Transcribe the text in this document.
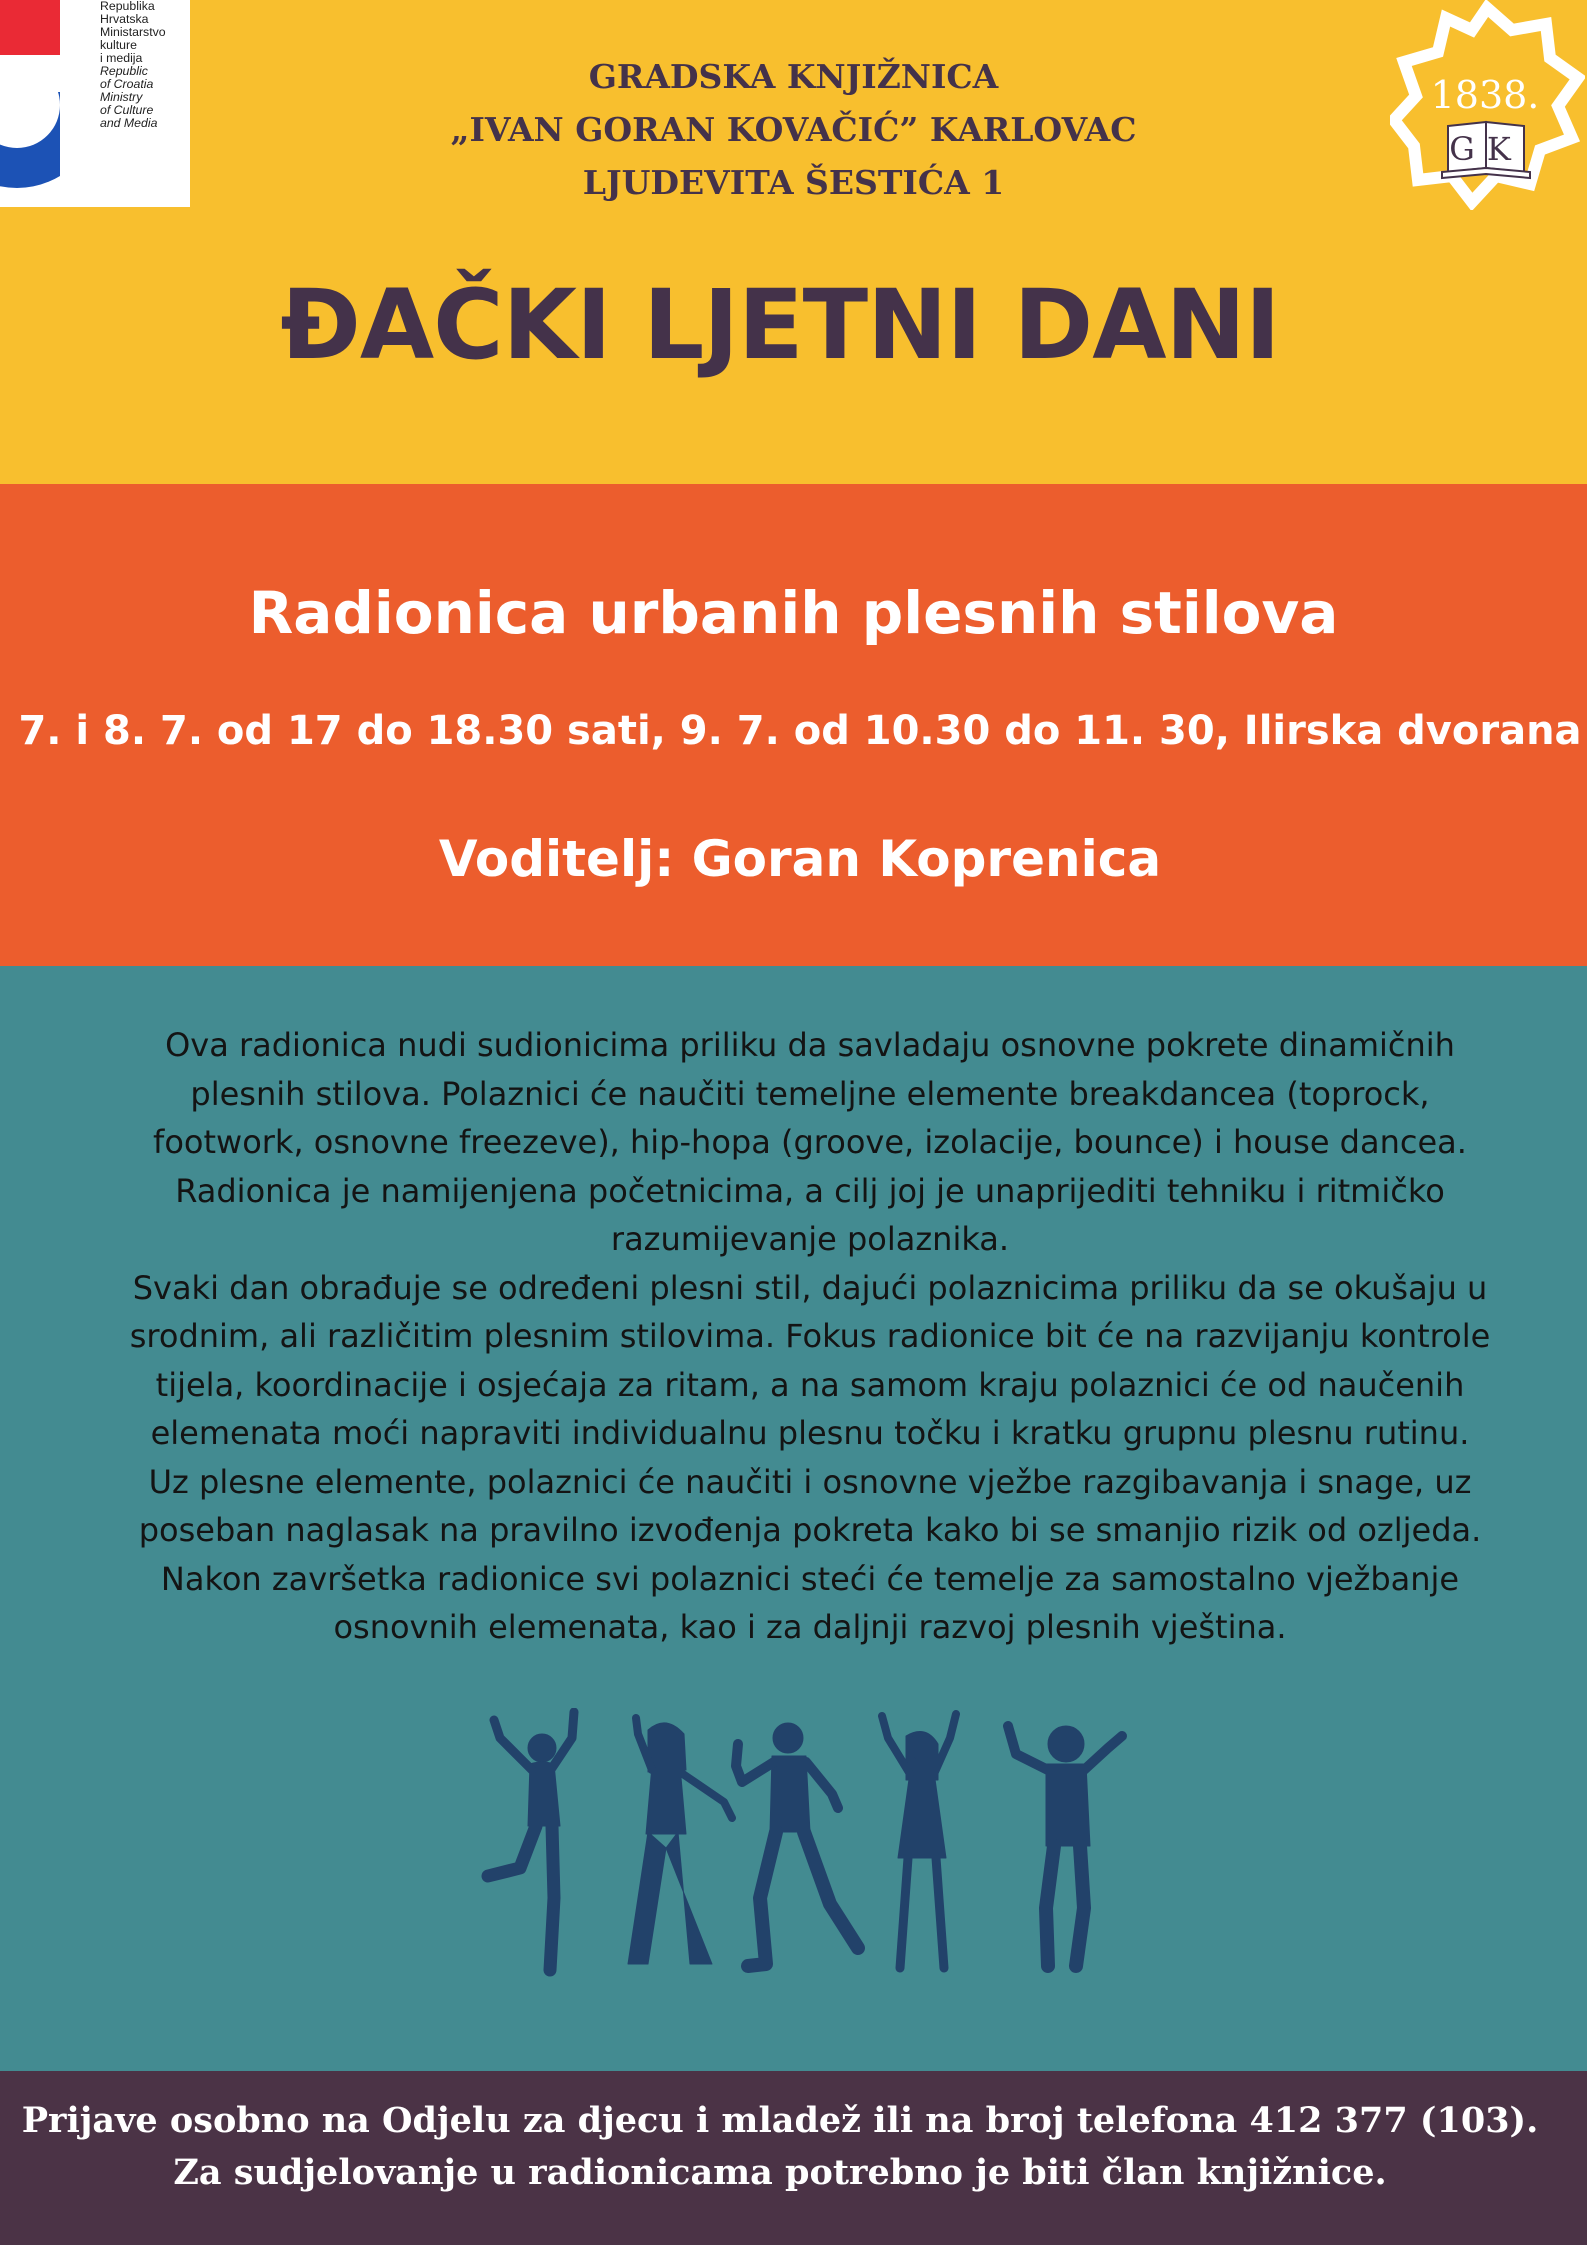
Republika
Hrvatska
Ministarstvo
kulture
i medija
Republic
of Croatia
Ministry
of Culture
and Media
GRADSKA KNJIŽNICA
„IVAN GORAN KOVAČIĆ” KARLOVAC
LJUDEVITA ŠESTIĆA 1
1838.
GK
ĐAČKI LJETNI DANI
Radionica urbanih plesnih stilova
7. i 8. 7. od 17 do 18.30 sati, 9. 7. od 10.30 do 11. 30, Ilirska dvorana
Voditelj: Goran Koprenica
Ova radionica nudi sudionicima priliku da savladaju osnovne pokrete dinamičnih
plesnih stilova. Polaznici će naučiti temeljne elemente breakdancea (toprock,
footwork, osnovne freezeve), hip-hopa (groove, izolacije, bounce) i house dancea.
Radionica je namijenjena početnicima, a cilj joj je unaprijediti tehniku i ritmičko
razumijevanje polaznika.
Svaki dan obrađuje se određeni plesni stil, dajući polaznicima priliku da se okušaju u
srodnim, ali različitim plesnim stilovima. Fokus radionice bit će na razvijanju kontrole
tijela, koordinacije i osjećaja za ritam, a na samom kraju polaznici će od naučenih
elemenata moći napraviti individualnu plesnu točku i kratku grupnu plesnu rutinu.
Uz plesne elemente, polaznici će naučiti i osnovne vježbe razgibavanja i snage, uz
poseban naglasak na pravilno izvođenja pokreta kako bi se smanjio rizik od ozljeda.
Nakon završetka radionice svi polaznici steći će temelje za samostalno vježbanje
osnovnih elemenata, kao i za daljnji razvoj plesnih vještina.
Prijave osobno na Odjelu za djecu i mladež ili na broj telefona 412 377 (103).
Za sudjelovanje u radionicama potrebno je biti član knjižnice.
